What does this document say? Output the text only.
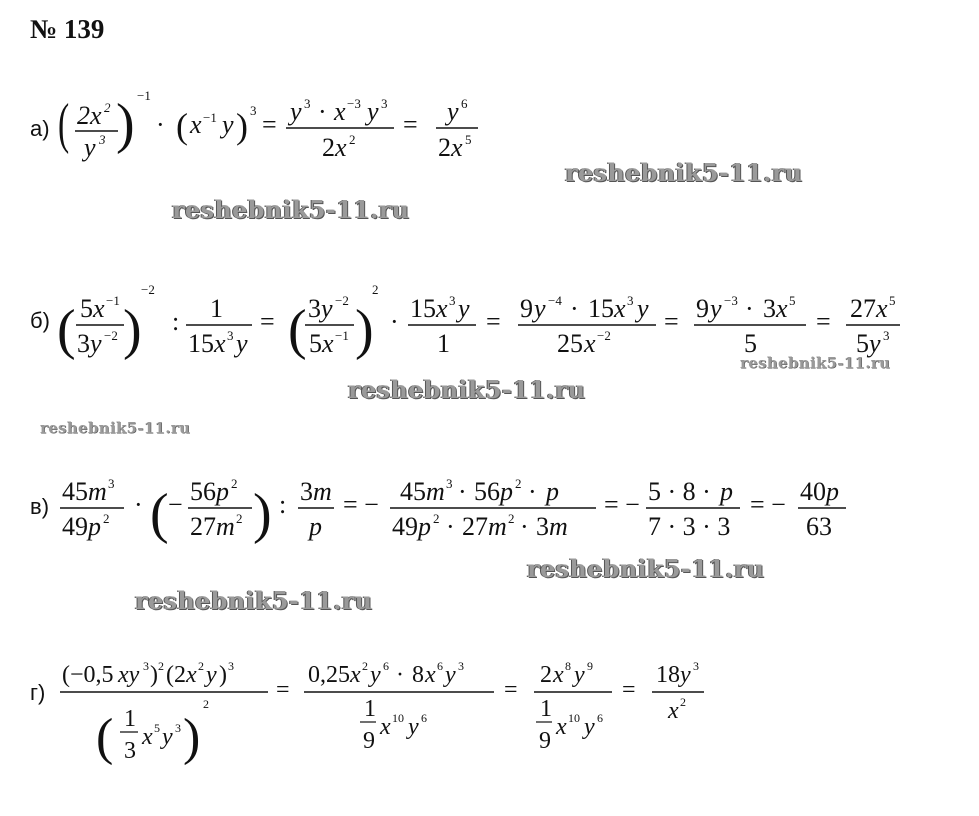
№ 139
reshebnik5-11.ru
reshebnik5-11.ru
reshebnik5-11.ru
reshebnik5-11.ru
reshebnik5-11.ru
reshebnik5-11.ru
reshebnik5-11.ru
а) ( 2x 2
y 3 ) −1
· ( x −1 y ) 3 = y 3 · x −3 y 3
2 x 2
= y 6
2 x 5
б) ( 5 x −1
3 y −2 )
−2
: 1
15 x 3 y
= ( 3 y −2
5 x −1 )
2
· 15 x 3 y
1
= 9 y −4 · 15 x 3 y
25 x −2 = 9 y −3 · 3 x 5
5
= 27 x 5
5 y 3
в)
45 m 3
49 p 2 · ( − 56 p 2
27 m 2 ) : 3 m
p
= − 45 m 3 · 56 p 2 · p
49 p 2 · 27 m 2 · 3 m
= − 5 · 8 · p
7 · 3 · 3
= − 40 p
63
г)
(−0,5 xy 3 ) 2 (2 x 2 y ) 3
( 1
3
x 5 y 3 )
2
=
0,25 x 2 y 6 · 8 x 6 y 3
1
9
x 10 y 6
=
2 x 8 y 9
1
9
x 10 y 6
=
18 y 3
x 2
